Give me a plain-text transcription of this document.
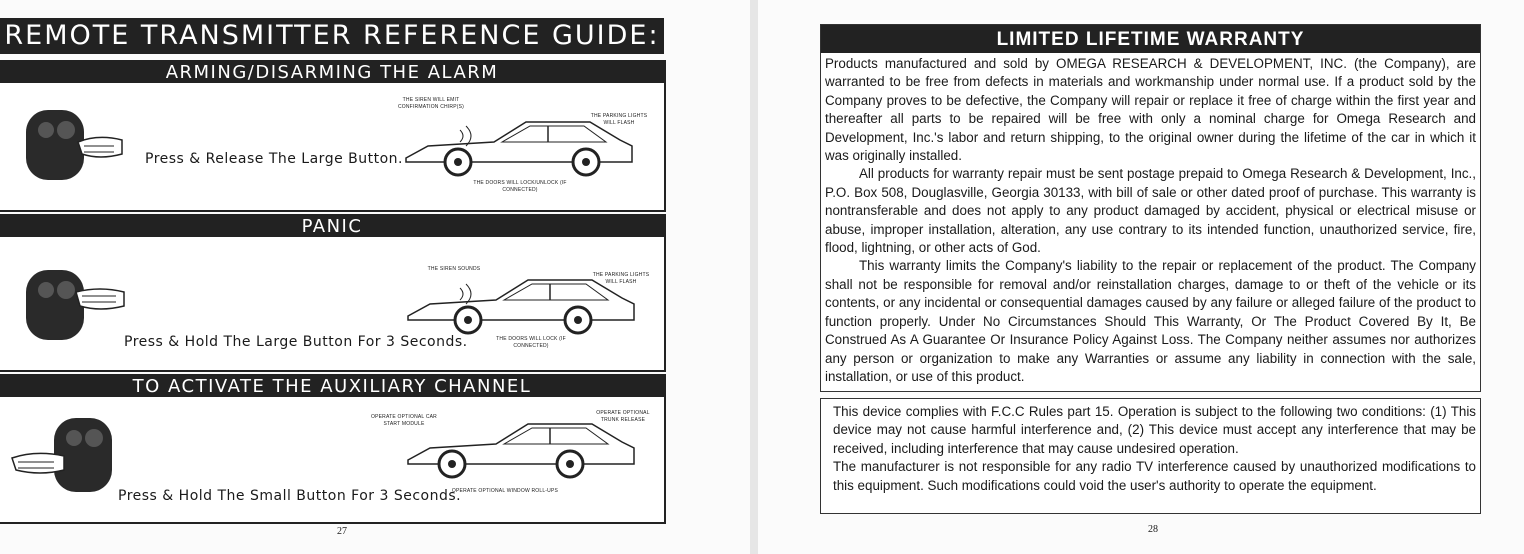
REMOTE TRANSMITTER REFERENCE GUIDE:
ARMING/DISARMING THE ALARM
Press & Release The Large Button.
THE SIREN WILL EMIT CONFIRMATION CHIRP(S)
THE PARKING LIGHTS WILL FLASH
THE DOORS WILL LOCK/UNLOCK (IF CONNECTED)
PANIC
Press & Hold The Large Button For 3 Seconds.
THE SIREN SOUNDS
THE PARKING LIGHTS WILL FLASH
THE DOORS WILL LOCK (IF CONNECTED)
TO ACTIVATE THE AUXILIARY CHANNEL
Press & Hold The Small Button For 3 Seconds.
OPERATE OPTIONAL CAR START MODULE
OPERATE OPTIONAL TRUNK RELEASE
OPERATE OPTIONAL WINDOW ROLL-UPS
27
LIMITED LIFETIME WARRANTY

Products manufactured and sold by OMEGA RESEARCH & DEVELOPMENT, INC. (the Company), are warranted to be free from defects in materials and workmanship under normal use. If a product sold by the Company proves to be defective, the Company will repair or replace it free of charge within the first year and thereafter all parts to be repaired will be free with only a nominal charge for Omega Research and Development, Inc.'s labor and return shipping, to the original owner during the lifetime of the car in which it was originally installed.

All products for warranty repair must be sent postage prepaid to Omega Research & Development, Inc., P.O. Box 508, Douglasville, Georgia 30133, with bill of sale or other dated proof of purchase. This warranty is nontransferable and does not apply to any product damaged by accident, physical or electrical misuse or abuse, improper installation, alteration, any use contrary to its intended function, unauthorized service, fire, flood, lightning, or other acts of God.

This warranty limits the Company's liability to the repair or replacement of the product. The Company shall not be responsible for removal and/or reinstallation charges, damage to or theft of the vehicle or its contents, or any incidental or consequential damages caused by any failure or alleged failure of the product to function properly. Under No Circumstances Should This Warranty, Or The Product Covered By It, Be Construed As A Guarantee Or Insurance Policy Against Loss. The Company neither assumes nor authorizes any person or organization to make any Warranties or assume any liability in connection with the sale, installation, or use of this product.

This device complies with F.C.C Rules part 15. Operation is subject to the following two conditions: (1) This device may not cause harmful interference and, (2) This device must accept any interference that may be received, including interference that may cause undesired operation.

The manufacturer is not responsible for any radio TV interference caused by unauthorized modifications to this equipment. Such modifications could void the user's authority to operate the equipment.

28
